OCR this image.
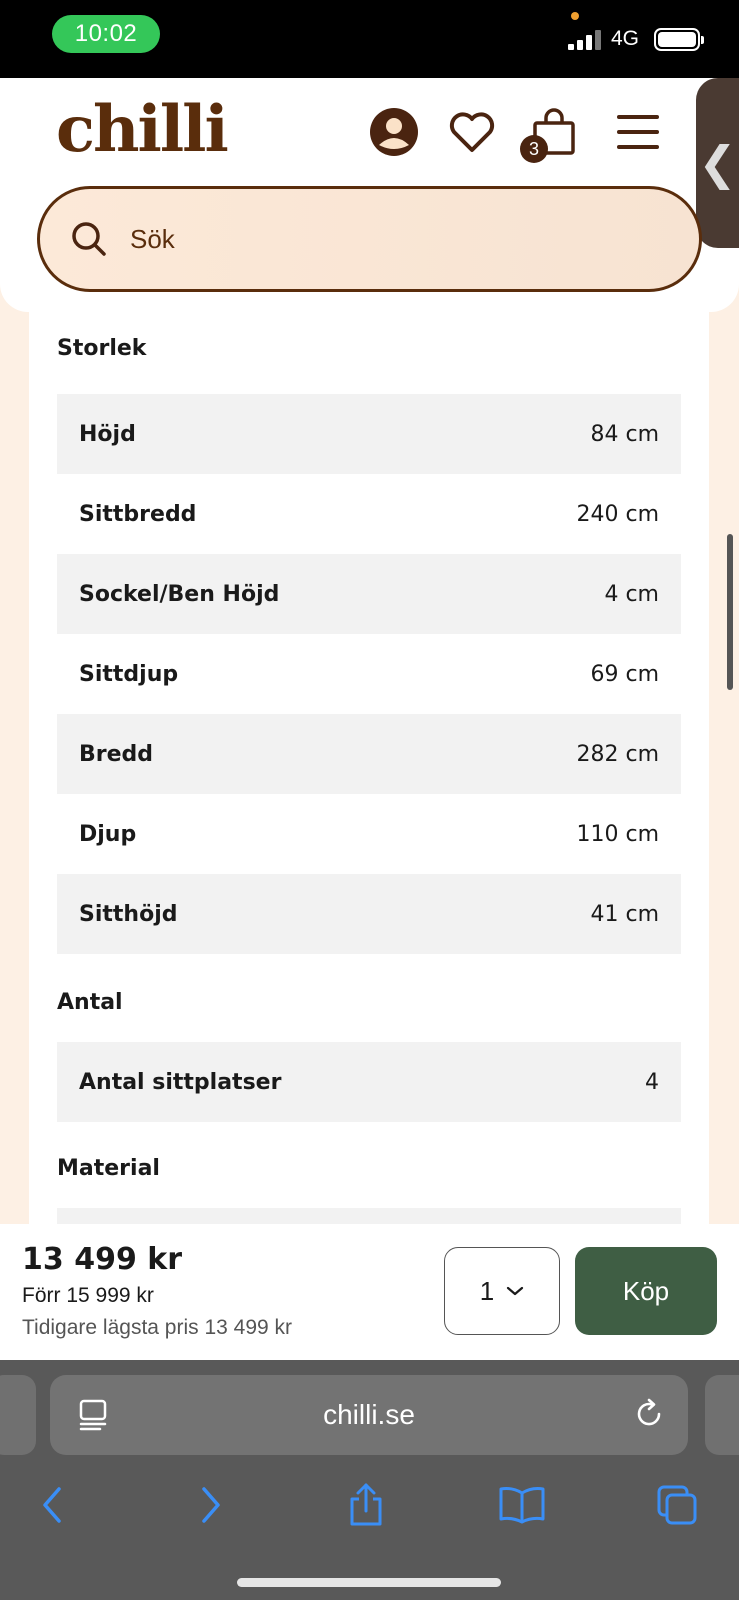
10:02	4G
chilli	3	❮
Sök
Storlek
Höjd	84 cm
Sittbredd	240 cm
Sockel/Ben Höjd	4 cm
Sittdjup	69 cm
Bredd	282 cm
Djup	110 cm
Sitthöjd	41 cm
Antal
Antal sittplatser	4
Material
13 499 kr
Förr 15 999 kr
Tidigare lägsta pris 13 499 kr
1	Köp
chilli.se
